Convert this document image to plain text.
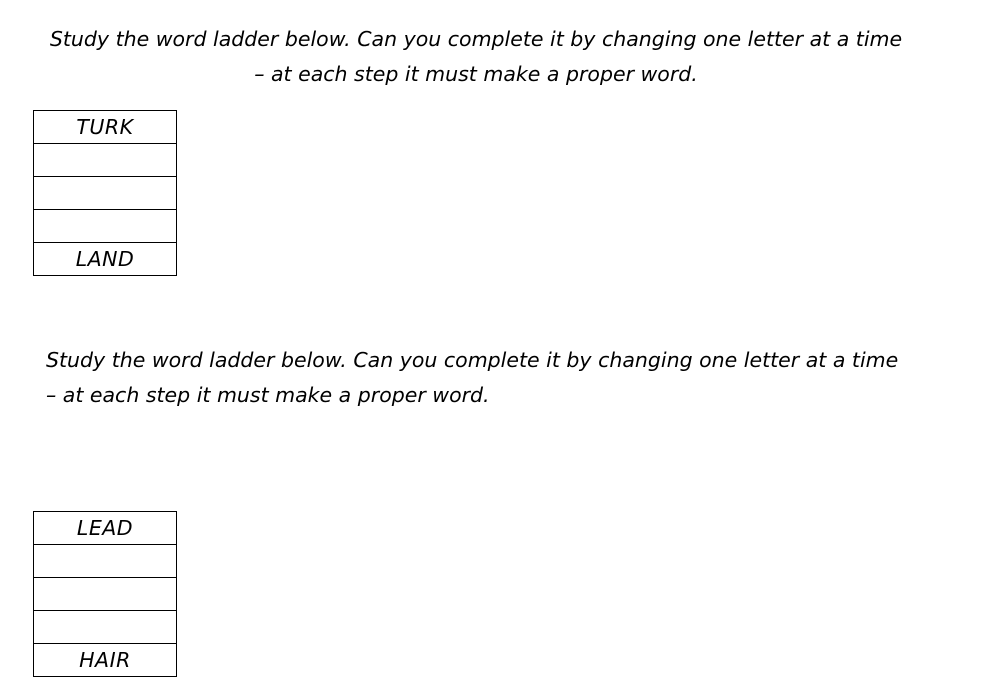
Study the word ladder below. Can you complete it by changing one letter at a time – at each step it must make a proper word.
TURK
LAND
Study the word ladder below. Can you complete it by changing one letter at a time – at each step it must make a proper word.
LEAD
HAIR
